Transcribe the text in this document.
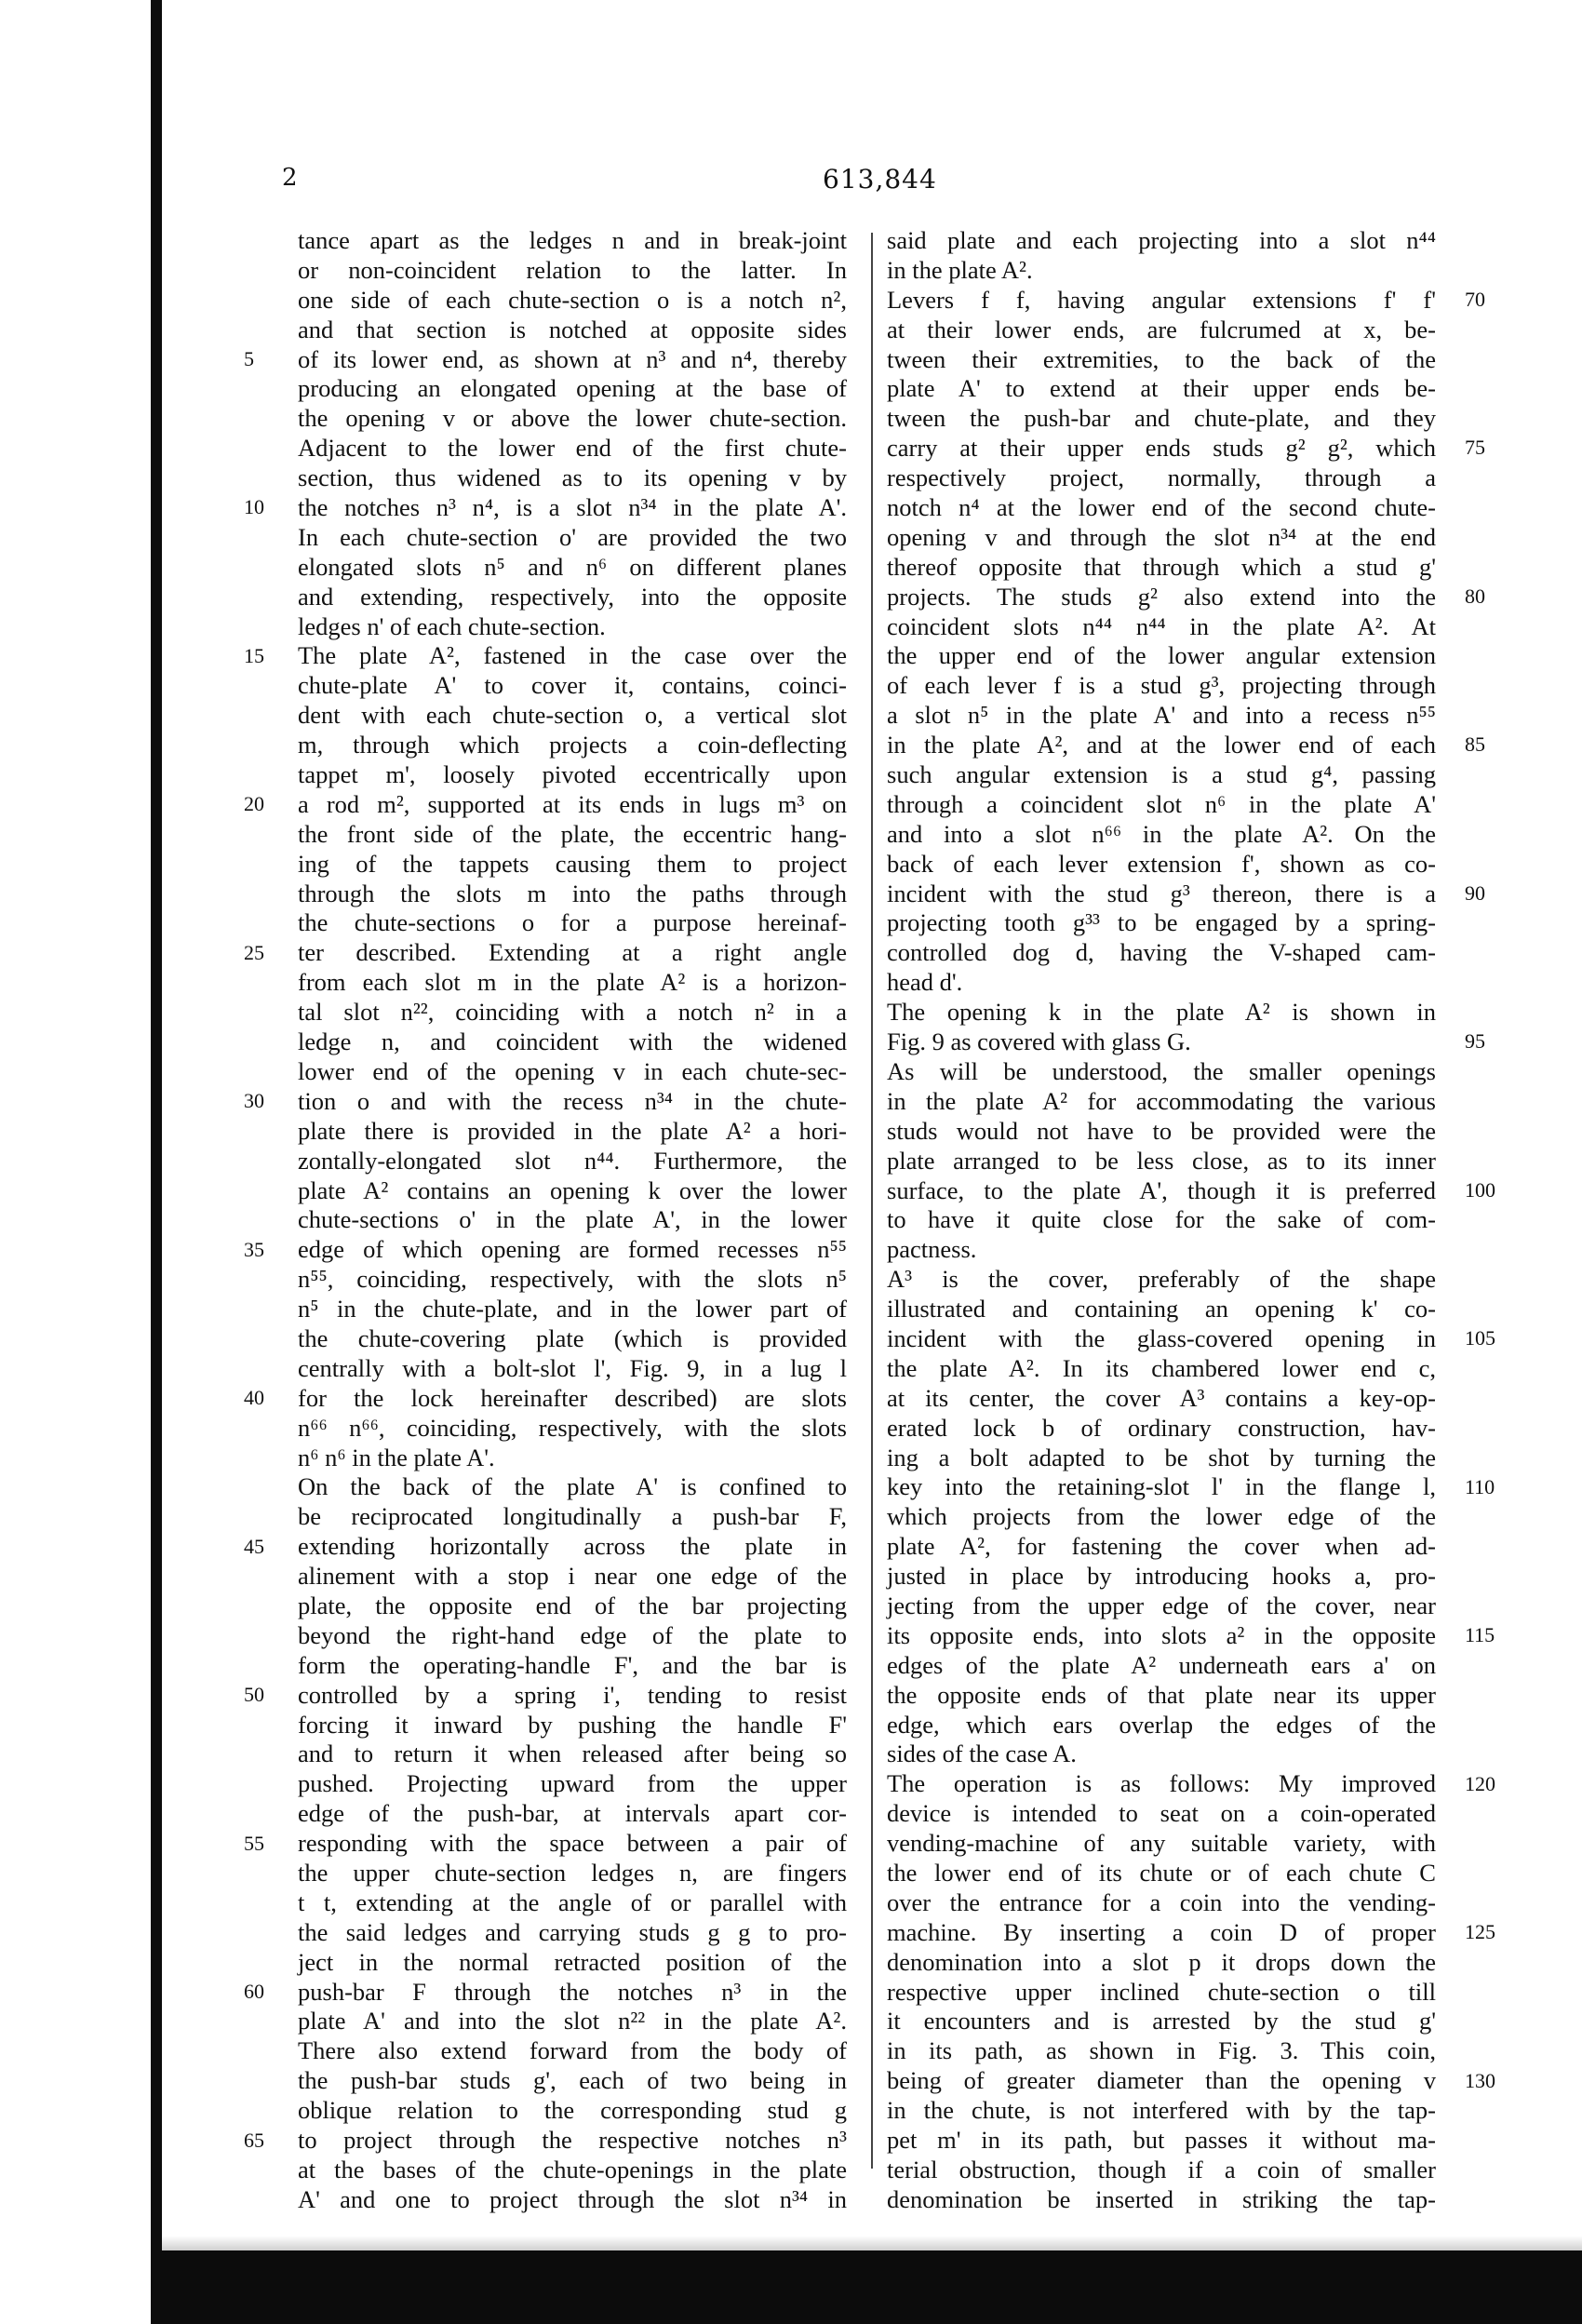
2	613,844
tance apart as the ledges n and in break-joint
or non-coincident relation to the latter. In
one side of each chute-section o is a notch n²,
and that section is notched at opposite sides
of its lower end, as shown at n³ and n⁴, thereby
producing an elongated opening at the base of
the opening v or above the lower chute-section.
Adjacent to the lower end of the first chute-
section, thus widened as to its opening v by
the notches n³ n⁴, is a slot n³⁴ in the plate A'.
In each chute-section o' are provided the two
elongated slots n⁵ and n⁶ on different planes
and extending, respectively, into the opposite
ledges n' of each chute-section.
The plate A², fastened in the case over the
chute-plate A' to cover it, contains, coinci-
dent with each chute-section o, a vertical slot
m, through which projects a coin-deflecting
tappet m', loosely pivoted eccentrically upon
a rod m², supported at its ends in lugs m³ on
the front side of the plate, the eccentric hang-
ing of the tappets causing them to project
through the slots m into the paths through
the chute-sections o for a purpose hereinaf-
ter described. Extending at a right angle
from each slot m in the plate A² is a horizon-
tal slot n²², coinciding with a notch n² in a
ledge n, and coincident with the widened
lower end of the opening v in each chute-sec-
tion o and with the recess n³⁴ in the chute-
plate there is provided in the plate A² a hori-
zontally-elongated slot n⁴⁴. Furthermore, the
plate A² contains an opening k over the lower
chute-sections o' in the plate A', in the lower
edge of which opening are formed recesses n⁵⁵
n⁵⁵, coinciding, respectively, with the slots n⁵
n⁵ in the chute-plate, and in the lower part of
the chute-covering plate (which is provided
centrally with a bolt-slot l', Fig. 9, in a lug l
for the lock hereinafter described) are slots
n⁶⁶ n⁶⁶, coinciding, respectively, with the slots
n⁶ n⁶ in the plate A'.
On the back of the plate A' is confined to
be reciprocated longitudinally a push-bar F,
extending horizontally across the plate in
alinement with a stop i near one edge of the
plate, the opposite end of the bar projecting
beyond the right-hand edge of the plate to
form the operating-handle F', and the bar is
controlled by a spring i', tending to resist
forcing it inward by pushing the handle F'
and to return it when released after being so
pushed. Projecting upward from the upper
edge of the push-bar, at intervals apart cor-
responding with the space between a pair of
the upper chute-section ledges n, are fingers
t t, extending at the angle of or parallel with
the said ledges and carrying studs g g to pro-
ject in the normal retracted position of the
push-bar F through the notches n³ in the
plate A' and into the slot n²² in the plate A².
There also extend forward from the body of
the push-bar studs g', each of two being in
oblique relation to the corresponding stud g
to project through the respective notches n³
at the bases of the chute-openings in the plate
A' and one to project through the slot n³⁴ in
said plate and each projecting into a slot n⁴⁴
in the plate A².
Levers f f, having angular extensions f' f'
at their lower ends, are fulcrumed at x, be-
tween their extremities, to the back of the
plate A' to extend at their upper ends be-
tween the push-bar and chute-plate, and they
carry at their upper ends studs g² g², which
respectively project, normally, through a
notch n⁴ at the lower end of the second chute-
opening v and through the slot n³⁴ at the end
thereof opposite that through which a stud g'
projects. The studs g² also extend into the
coincident slots n⁴⁴ n⁴⁴ in the plate A². At
the upper end of the lower angular extension
of each lever f is a stud g³, projecting through
a slot n⁵ in the plate A' and into a recess n⁵⁵
in the plate A², and at the lower end of each
such angular extension is a stud g⁴, passing
through a coincident slot n⁶ in the plate A'
and into a slot n⁶⁶ in the plate A². On the
back of each lever extension f', shown as co-
incident with the stud g³ thereon, there is a
projecting tooth g³³ to be engaged by a spring-
controlled dog d, having the V-shaped cam-
head d'.
The opening k in the plate A² is shown in
Fig. 9 as covered with glass G.
As will be understood, the smaller openings
in the plate A² for accommodating the various
studs would not have to be provided were the
plate arranged to be less close, as to its inner
surface, to the plate A', though it is preferred
to have it quite close for the sake of com-
pactness.
A³ is the cover, preferably of the shape
illustrated and containing an opening k' co-
incident with the glass-covered opening in
the plate A². In its chambered lower end c,
at its center, the cover A³ contains a key-op-
erated lock b of ordinary construction, hav-
ing a bolt adapted to be shot by turning the
key into the retaining-slot l' in the flange l,
which projects from the lower edge of the
plate A², for fastening the cover when ad-
justed in place by introducing hooks a, pro-
jecting from the upper edge of the cover, near
its opposite ends, into slots a² in the opposite
edges of the plate A² underneath ears a' on
the opposite ends of that plate near its upper
edge, which ears overlap the edges of the
sides of the case A.
The operation is as follows: My improved
device is intended to seat on a coin-operated
vending-machine of any suitable variety, with
the lower end of its chute or of each chute C
over the entrance for a coin into the vending-
machine. By inserting a coin D of proper
denomination into a slot p it drops down the
respective upper inclined chute-section o till
it encounters and is arrested by the stud g'
in its path, as shown in Fig. 3. This coin,
being of greater diameter than the opening v
in the chute, is not interfered with by the tap-
pet m' in its path, but passes it without ma-
terial obstruction, though if a coin of smaller
denomination be inserted in striking the tap-
5
10
15
20
25
30
35
40
45
50
55
60
65
70
75
80
85
90
95
100
105
110
115
120
125
130
